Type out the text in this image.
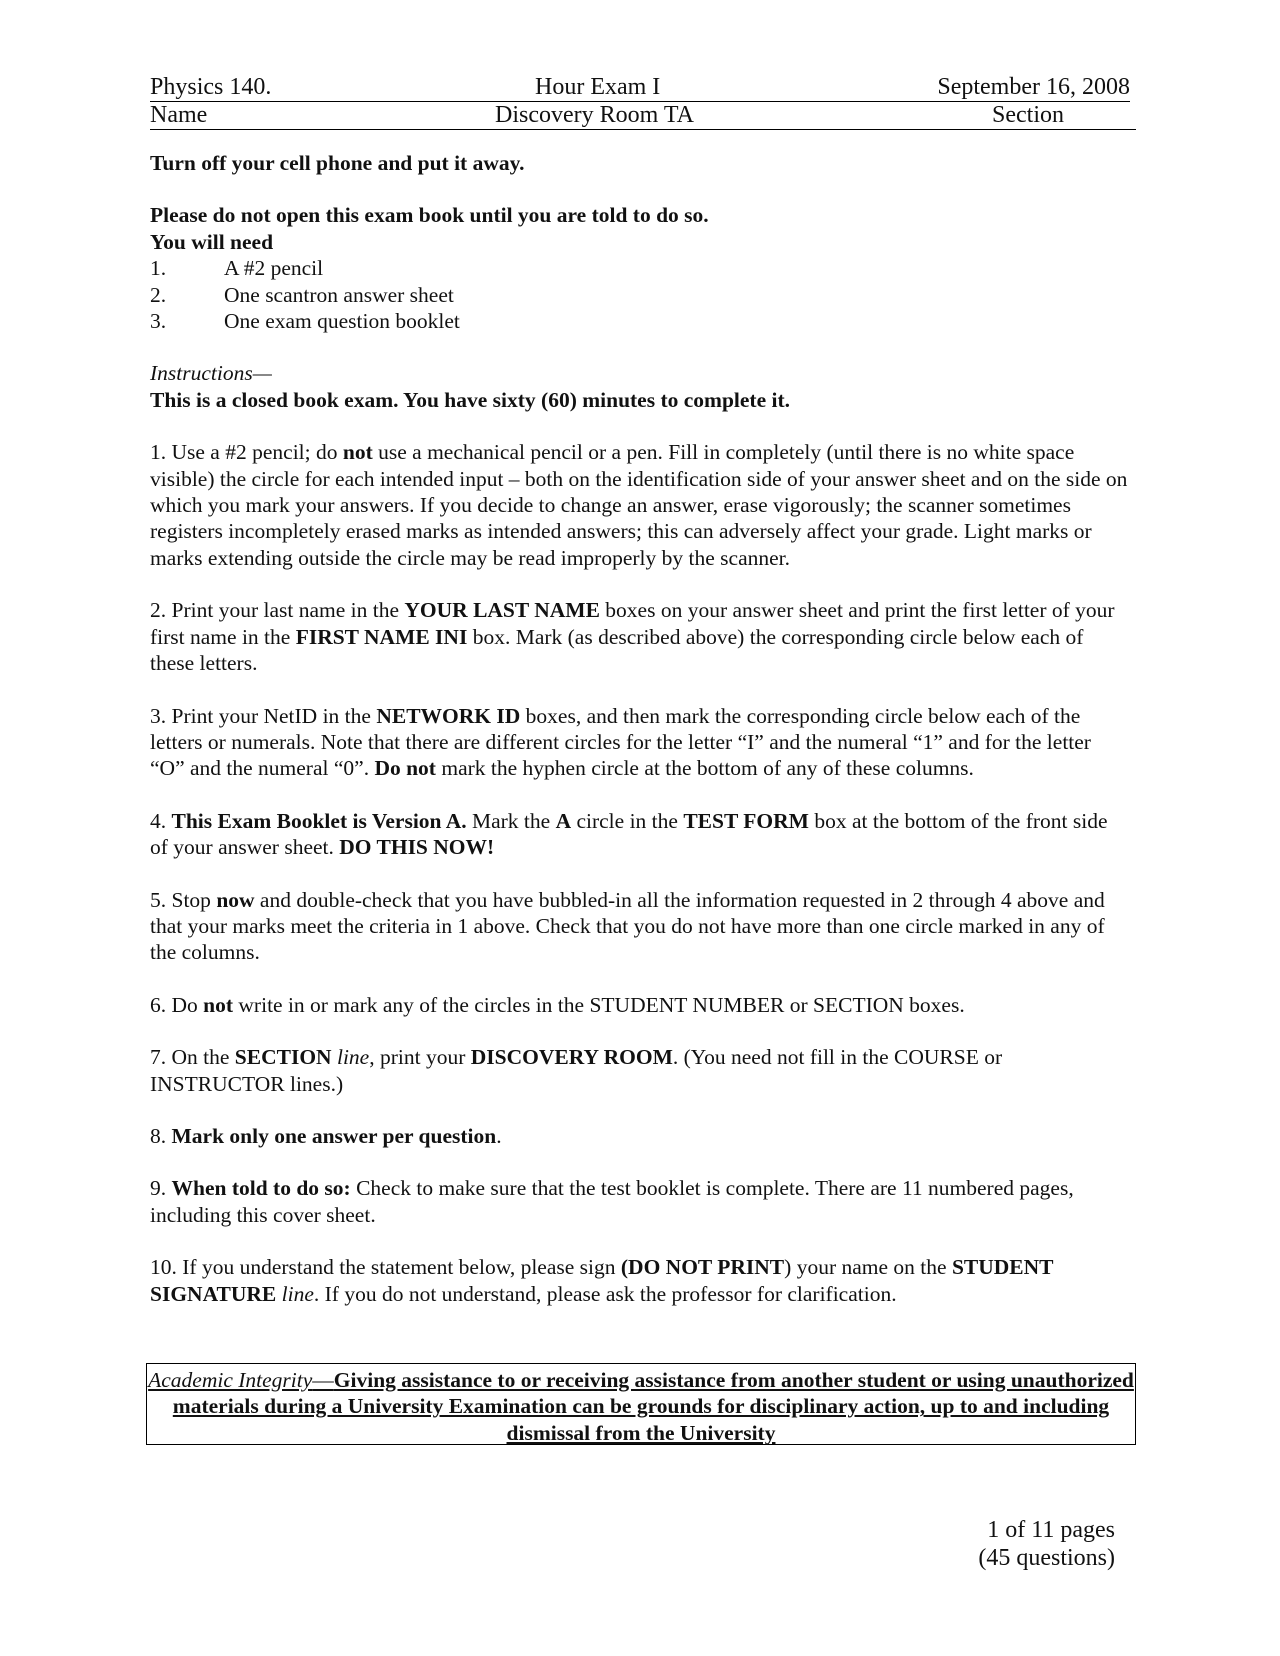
Physics 140.	Hour Exam I	September 16, 2008
Name	Discovery Room TA	Section

Turn off your cell phone and put it away.

Please do not open this exam book until you are told to do so.

You will need

1.	A #2 pencil
2.	One scantron answer sheet
3.	One exam question booklet

Instructions—

This is a closed book exam. You have sixty (60) minutes to complete it.

1. Use a #2 pencil; do not use a mechanical pencil or a pen. Fill in completely (until there is no white space visible) the circle for each intended input – both on the identification side of your answer sheet and on the side on which you mark your answers. If you decide to change an answer, erase vigorously; the scanner sometimes registers incompletely erased marks as intended answers; this can adversely affect your grade. Light marks or marks extending outside the circle may be read improperly by the scanner.

2. Print your last name in the YOUR LAST NAME boxes on your answer sheet and print the first letter of your first name in the FIRST NAME INI box. Mark (as described above) the corresponding circle below each of these letters.

3. Print your NetID in the NETWORK ID boxes, and then mark the corresponding circle below each of the letters or numerals. Note that there are different circles for the letter “I” and the numeral “1” and for the letter “O” and the numeral “0”. Do not mark the hyphen circle at the bottom of any of these columns.

4. This Exam Booklet is Version A. Mark the A circle in the TEST FORM box at the bottom of the front side of your answer sheet. DO THIS NOW!

5. Stop now and double-check that you have bubbled-in all the information requested in 2 through 4 above and that your marks meet the criteria in 1 above. Check that you do not have more than one circle marked in any of the columns.

6. Do not write in or mark any of the circles in the STUDENT NUMBER or SECTION boxes.

7. On the SECTION line, print your DISCOVERY ROOM. (You need not fill in the COURSE or INSTRUCTOR lines.)

8. Mark only one answer per question.

9. When told to do so: Check to make sure that the test booklet is complete. There are 11 numbered pages, including this cover sheet.

10. If you understand the statement below, please sign (DO NOT PRINT) your name on the STUDENT SIGNATURE line. If you do not understand, please ask the professor for clarification.

Academic Integrity—Giving assistance to or receiving assistance from another student or using unauthorized materials during a University Examination can be grounds for disciplinary action, up to and including dismissal from the University
1 of 11 pages
(45 questions)
